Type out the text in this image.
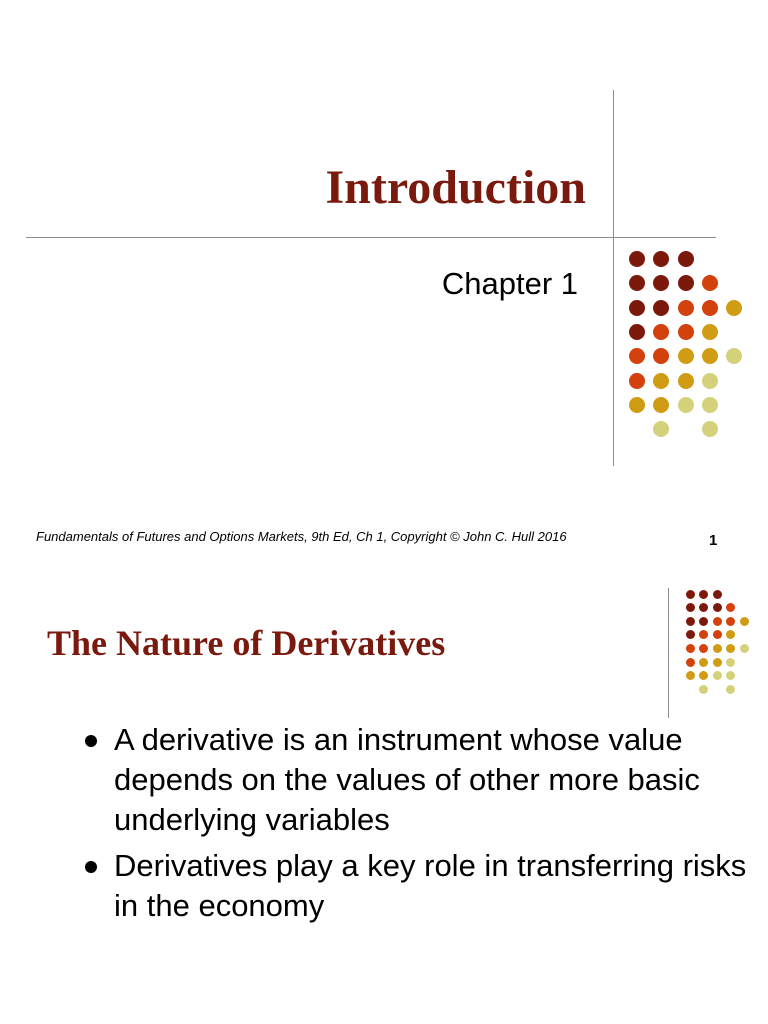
Introduction
Chapter 1
Fundamentals of Futures and Options Markets, 9th Ed, Ch 1, Copyright © John C. Hull 2016	1
The Nature of Derivatives
A derivative is an instrument whose value depends on the values of other more basic underlying variables
Derivatives play a key role in transferring risks in the economy
